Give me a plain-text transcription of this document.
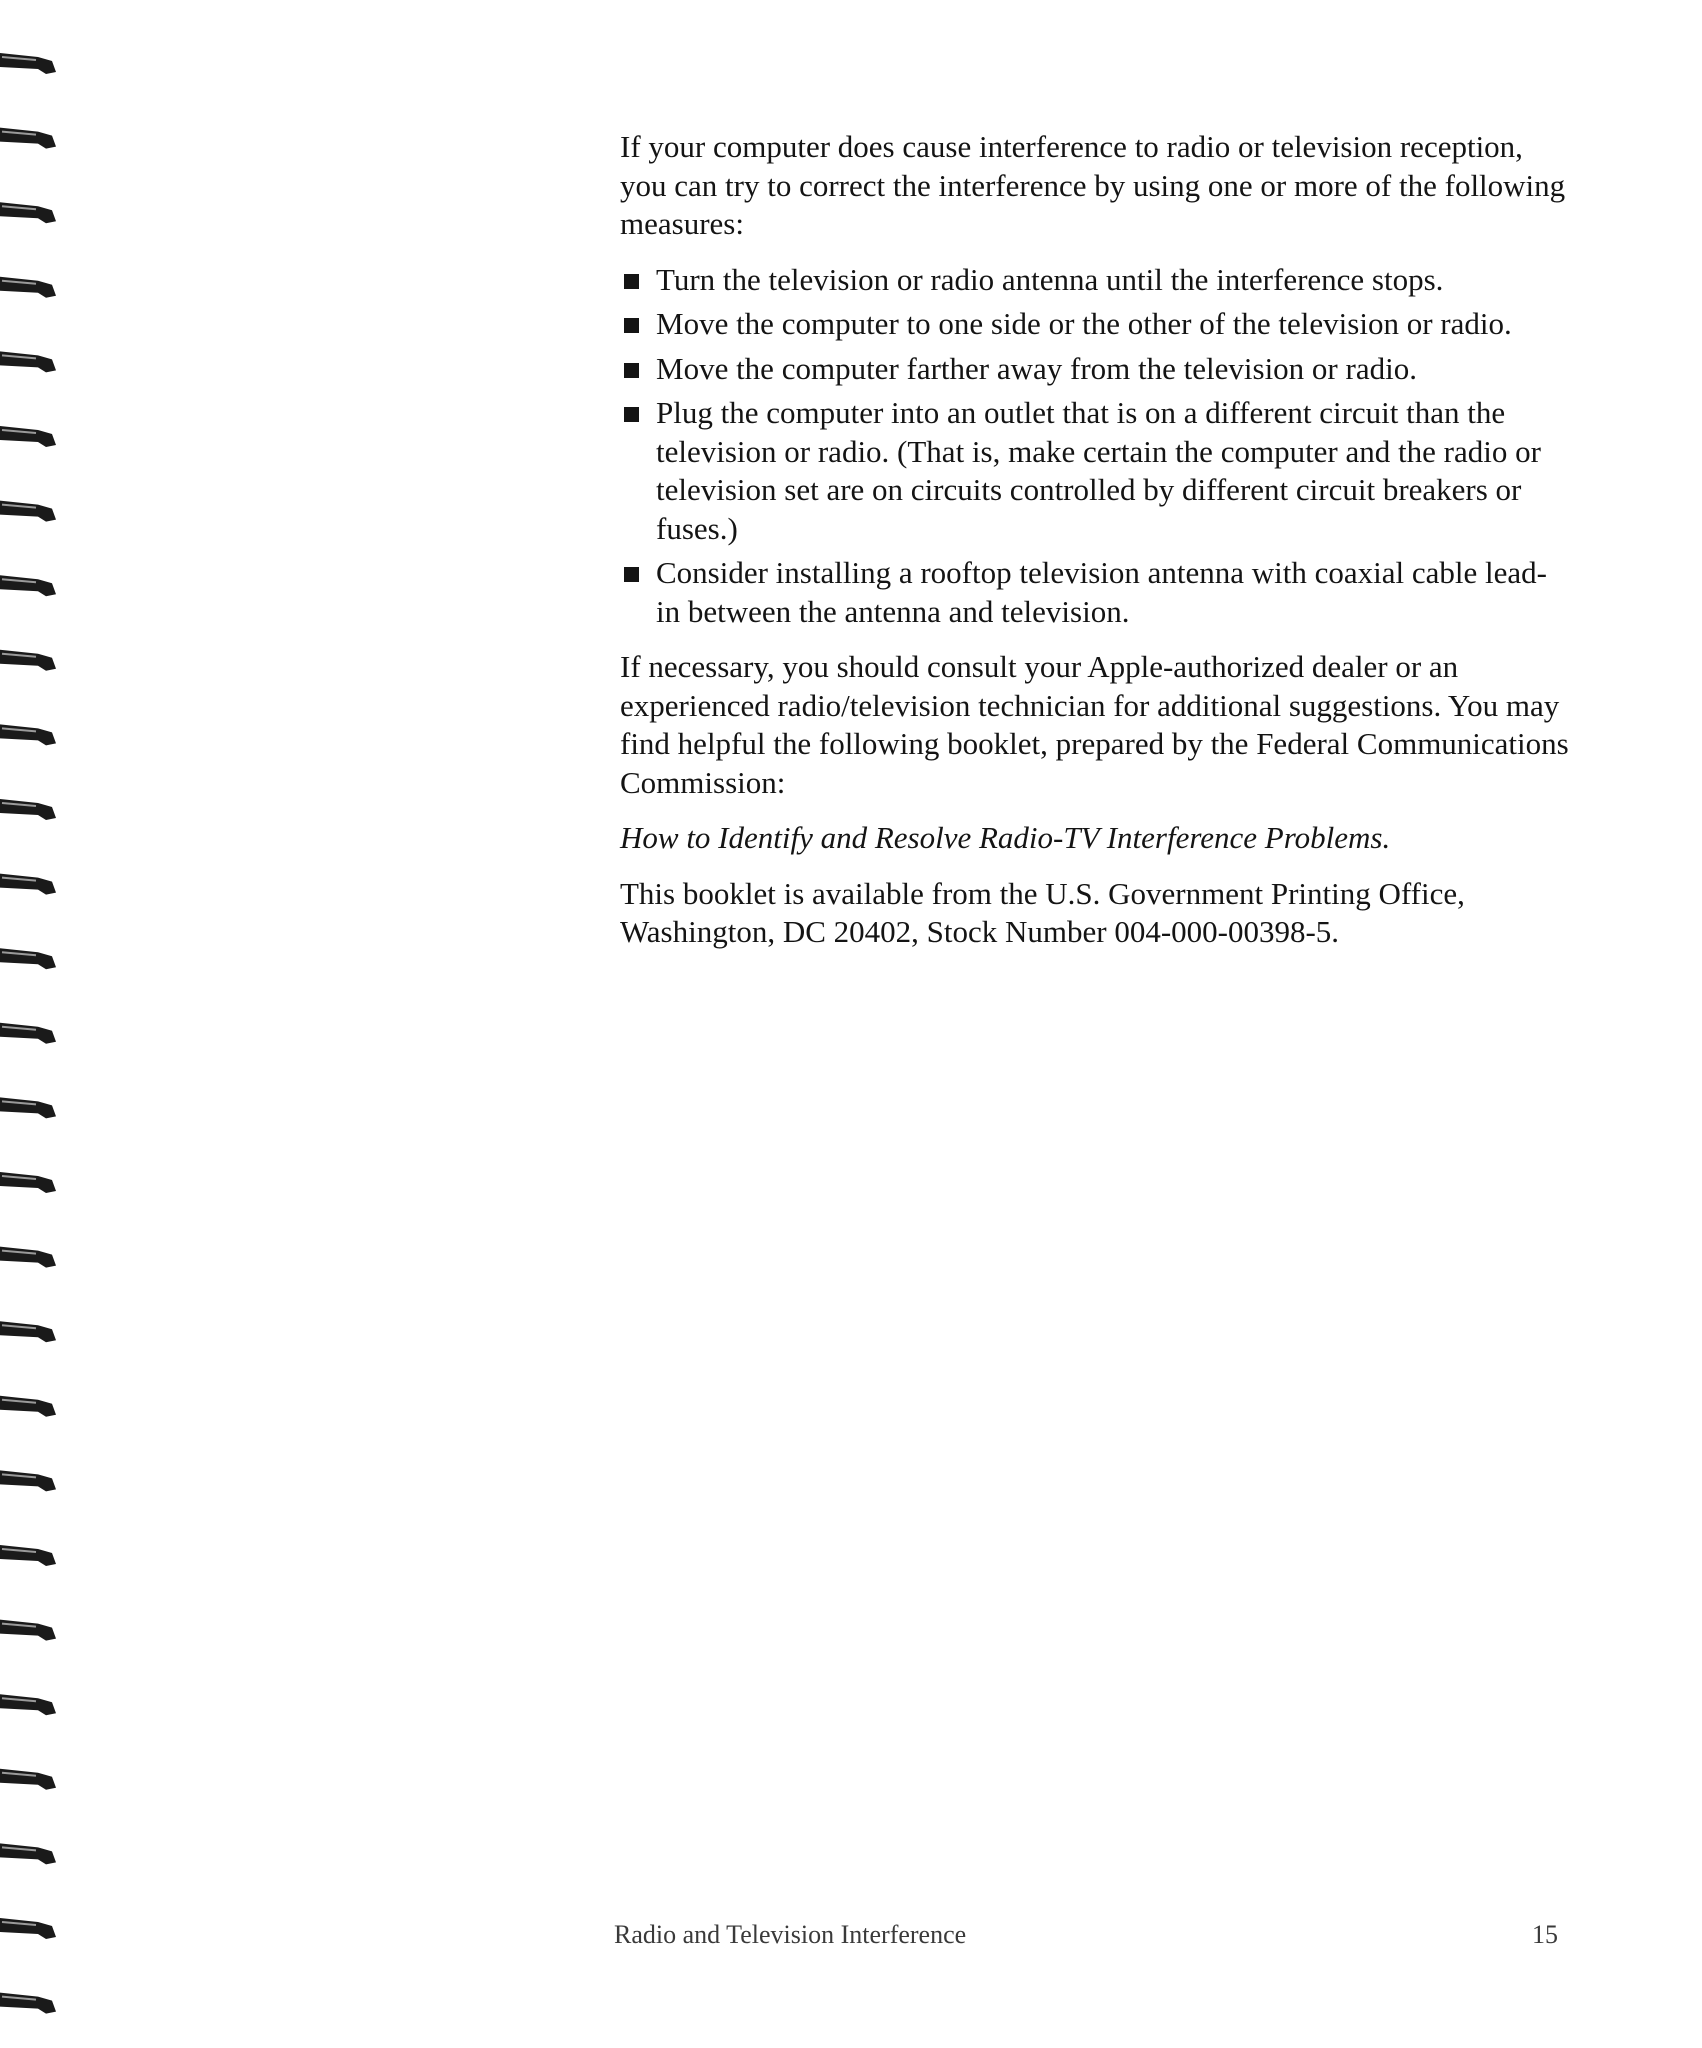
If your computer does cause interference to radio or television reception, you can try to correct the interference by using one or more of the following measures:

Turn the television or radio antenna until the interference stops.
Move the computer to one side or the other of the television or radio.
Move the computer farther away from the television or radio.
Plug the computer into an outlet that is on a different circuit than the television or radio. (That is, make certain the computer and the radio or television set are on circuits controlled by different circuit breakers or fuses.)
Consider installing a rooftop television antenna with coaxial cable lead-in between the antenna and television.

If necessary, you should consult your Apple-authorized dealer or an experienced radio/television technician for additional suggestions. You may find helpful the following booklet, prepared by the Federal Communications Commission:

How to Identify and Resolve Radio-TV Interference Problems.

This booklet is available from the U.S. Government Printing Office, Washington, DC 20402, Stock Number 004-000-00398-5.

Radio and Television Interference	15
